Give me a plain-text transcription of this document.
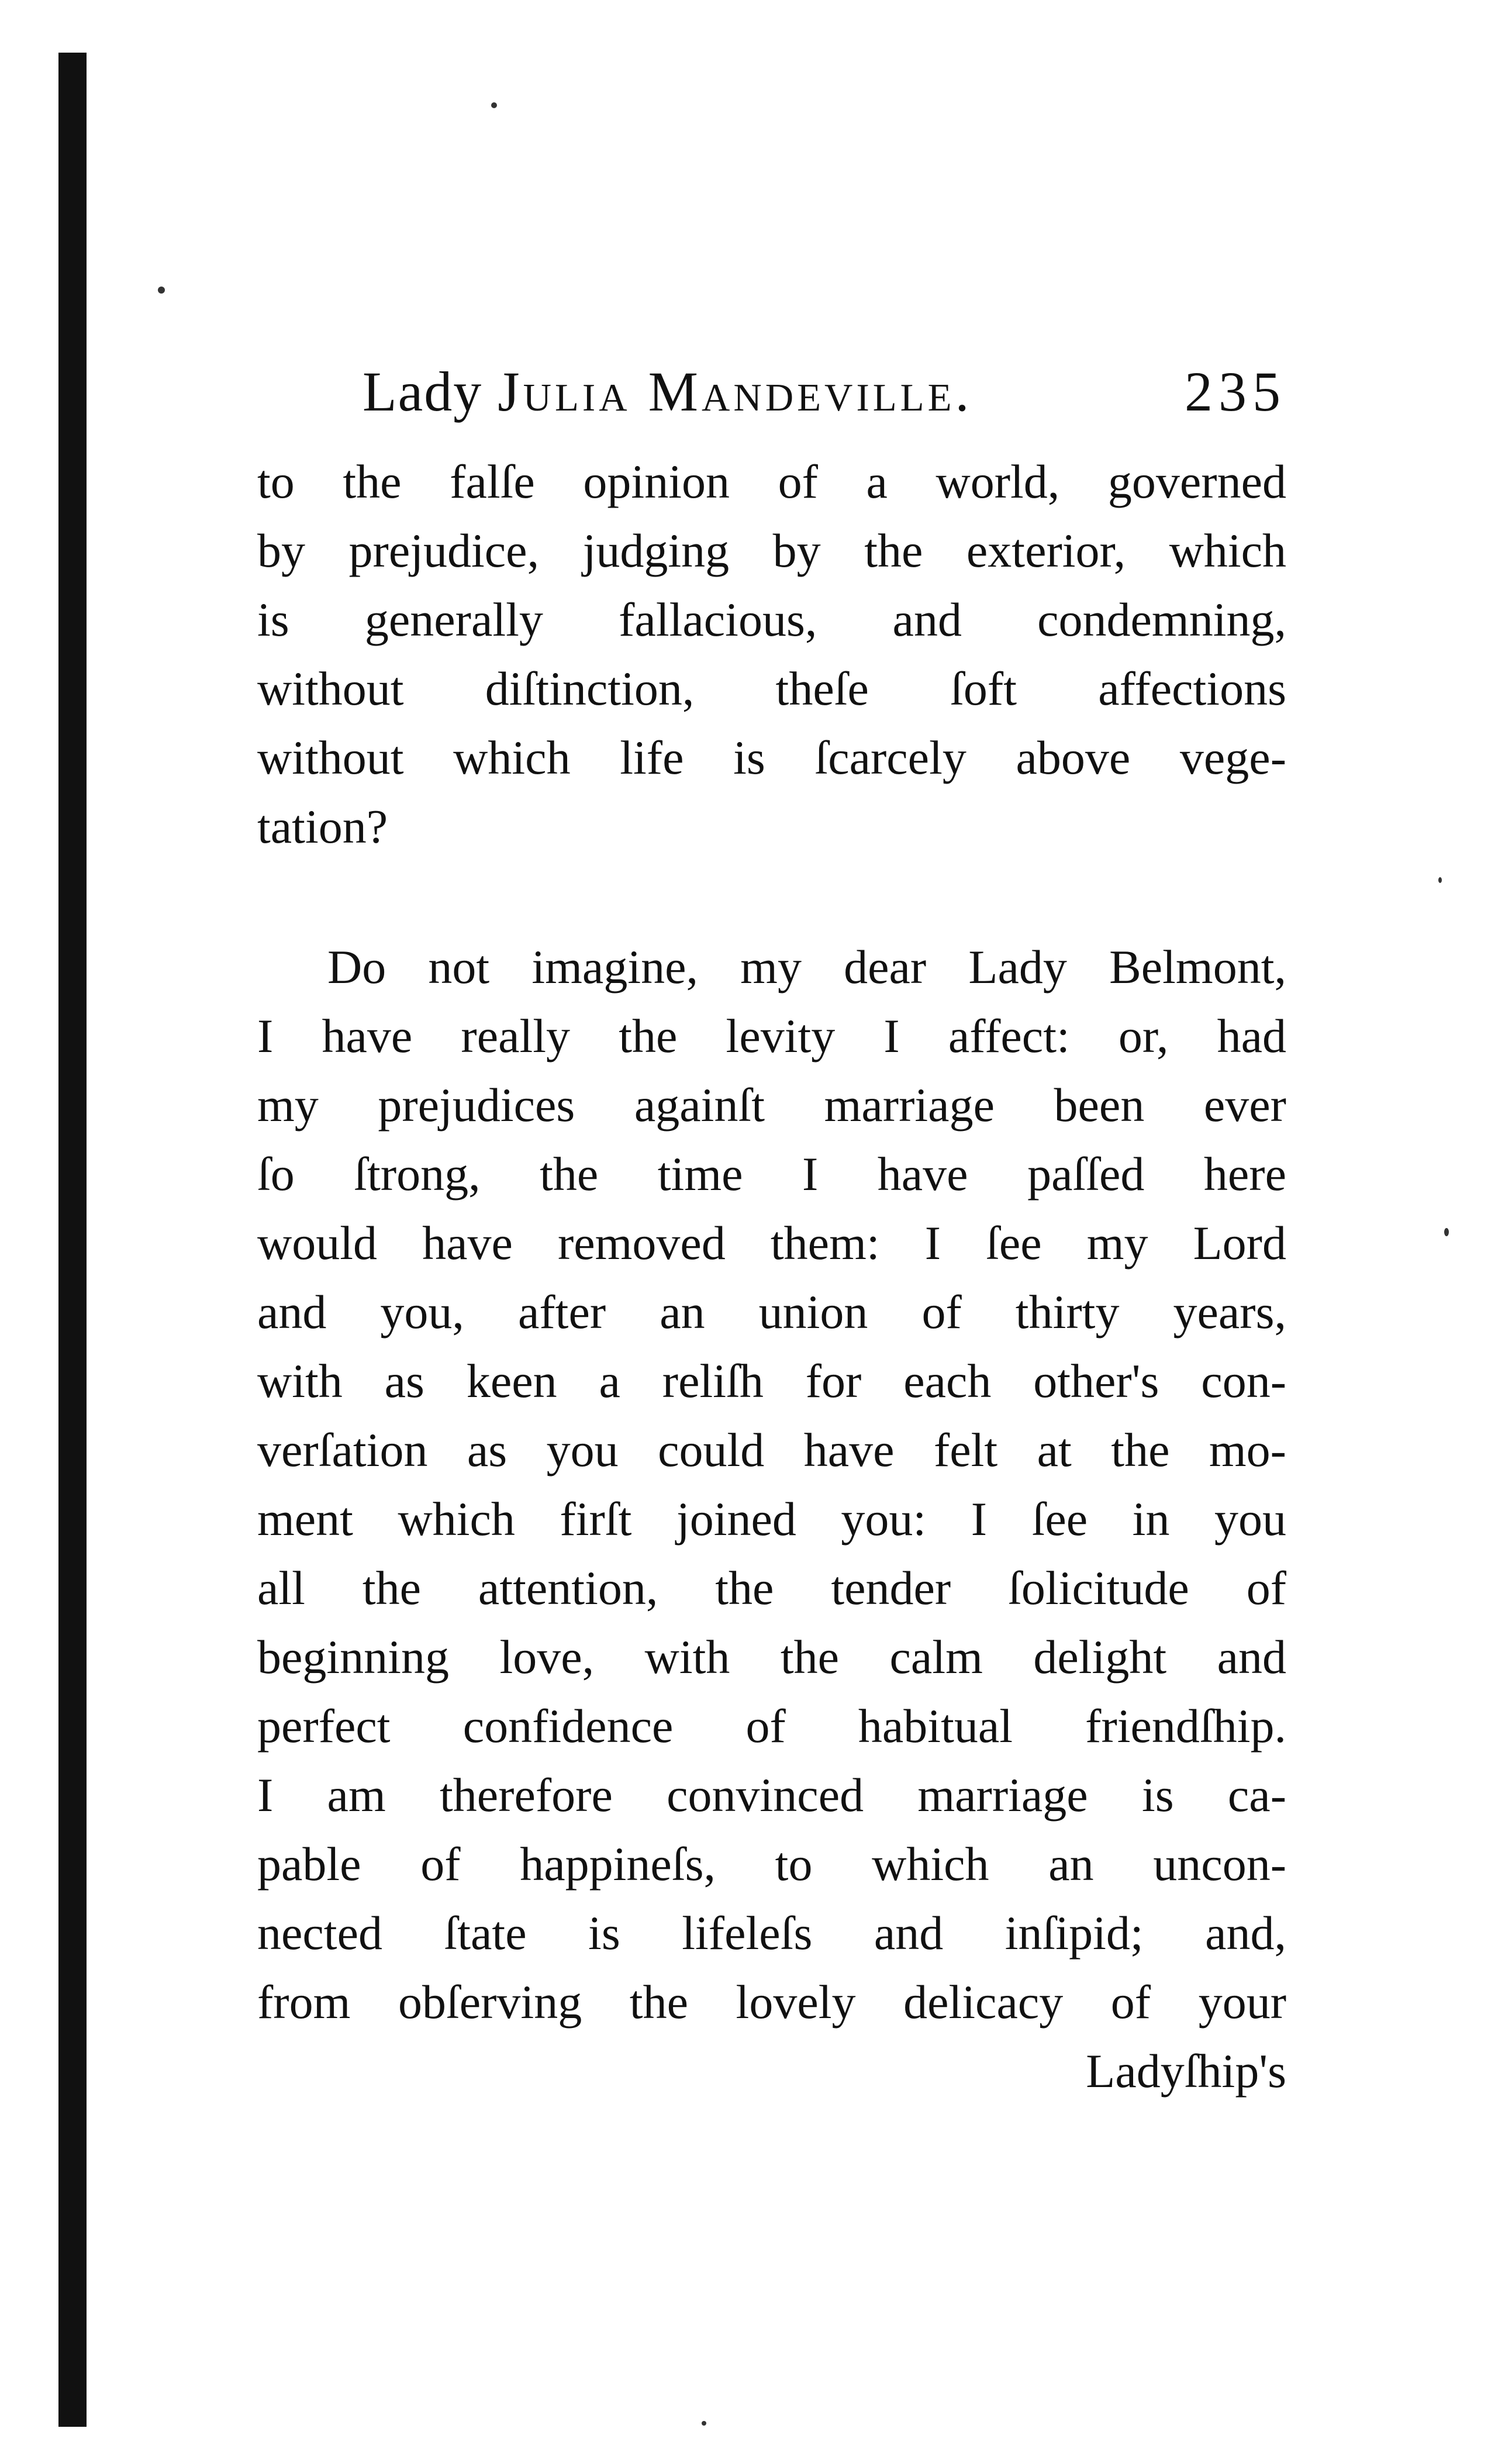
Lady Julia Mandeville.	235
to the falſe opinion of a world, governed
by prejudice, judging by the exterior, which
is generally fallacious, and condemning,
without diſtinction, theſe ſoft affections
without which life is ſcarcely above vege-
tation?
Do not imagine, my dear Lady Belmont,
I have really the levity I affect: or, had
my prejudices againſt marriage been ever
ſo ſtrong, the time I have paſſed here
would have removed them: I ſee my Lord
and you, after an union of thirty years,
with as keen a reliſh for each other's con-
verſation as you could have felt at the mo-
ment which firſt joined you: I ſee in you
all the attention, the tender ſolicitude of
beginning love, with the calm delight and
perfect confidence of habitual friendſhip.
I am therefore convinced marriage is ca-
pable of happineſs, to which an uncon-
nected ſtate is lifeleſs and inſipid; and,
from obſerving the lovely delicacy of your
Ladyſhip's
